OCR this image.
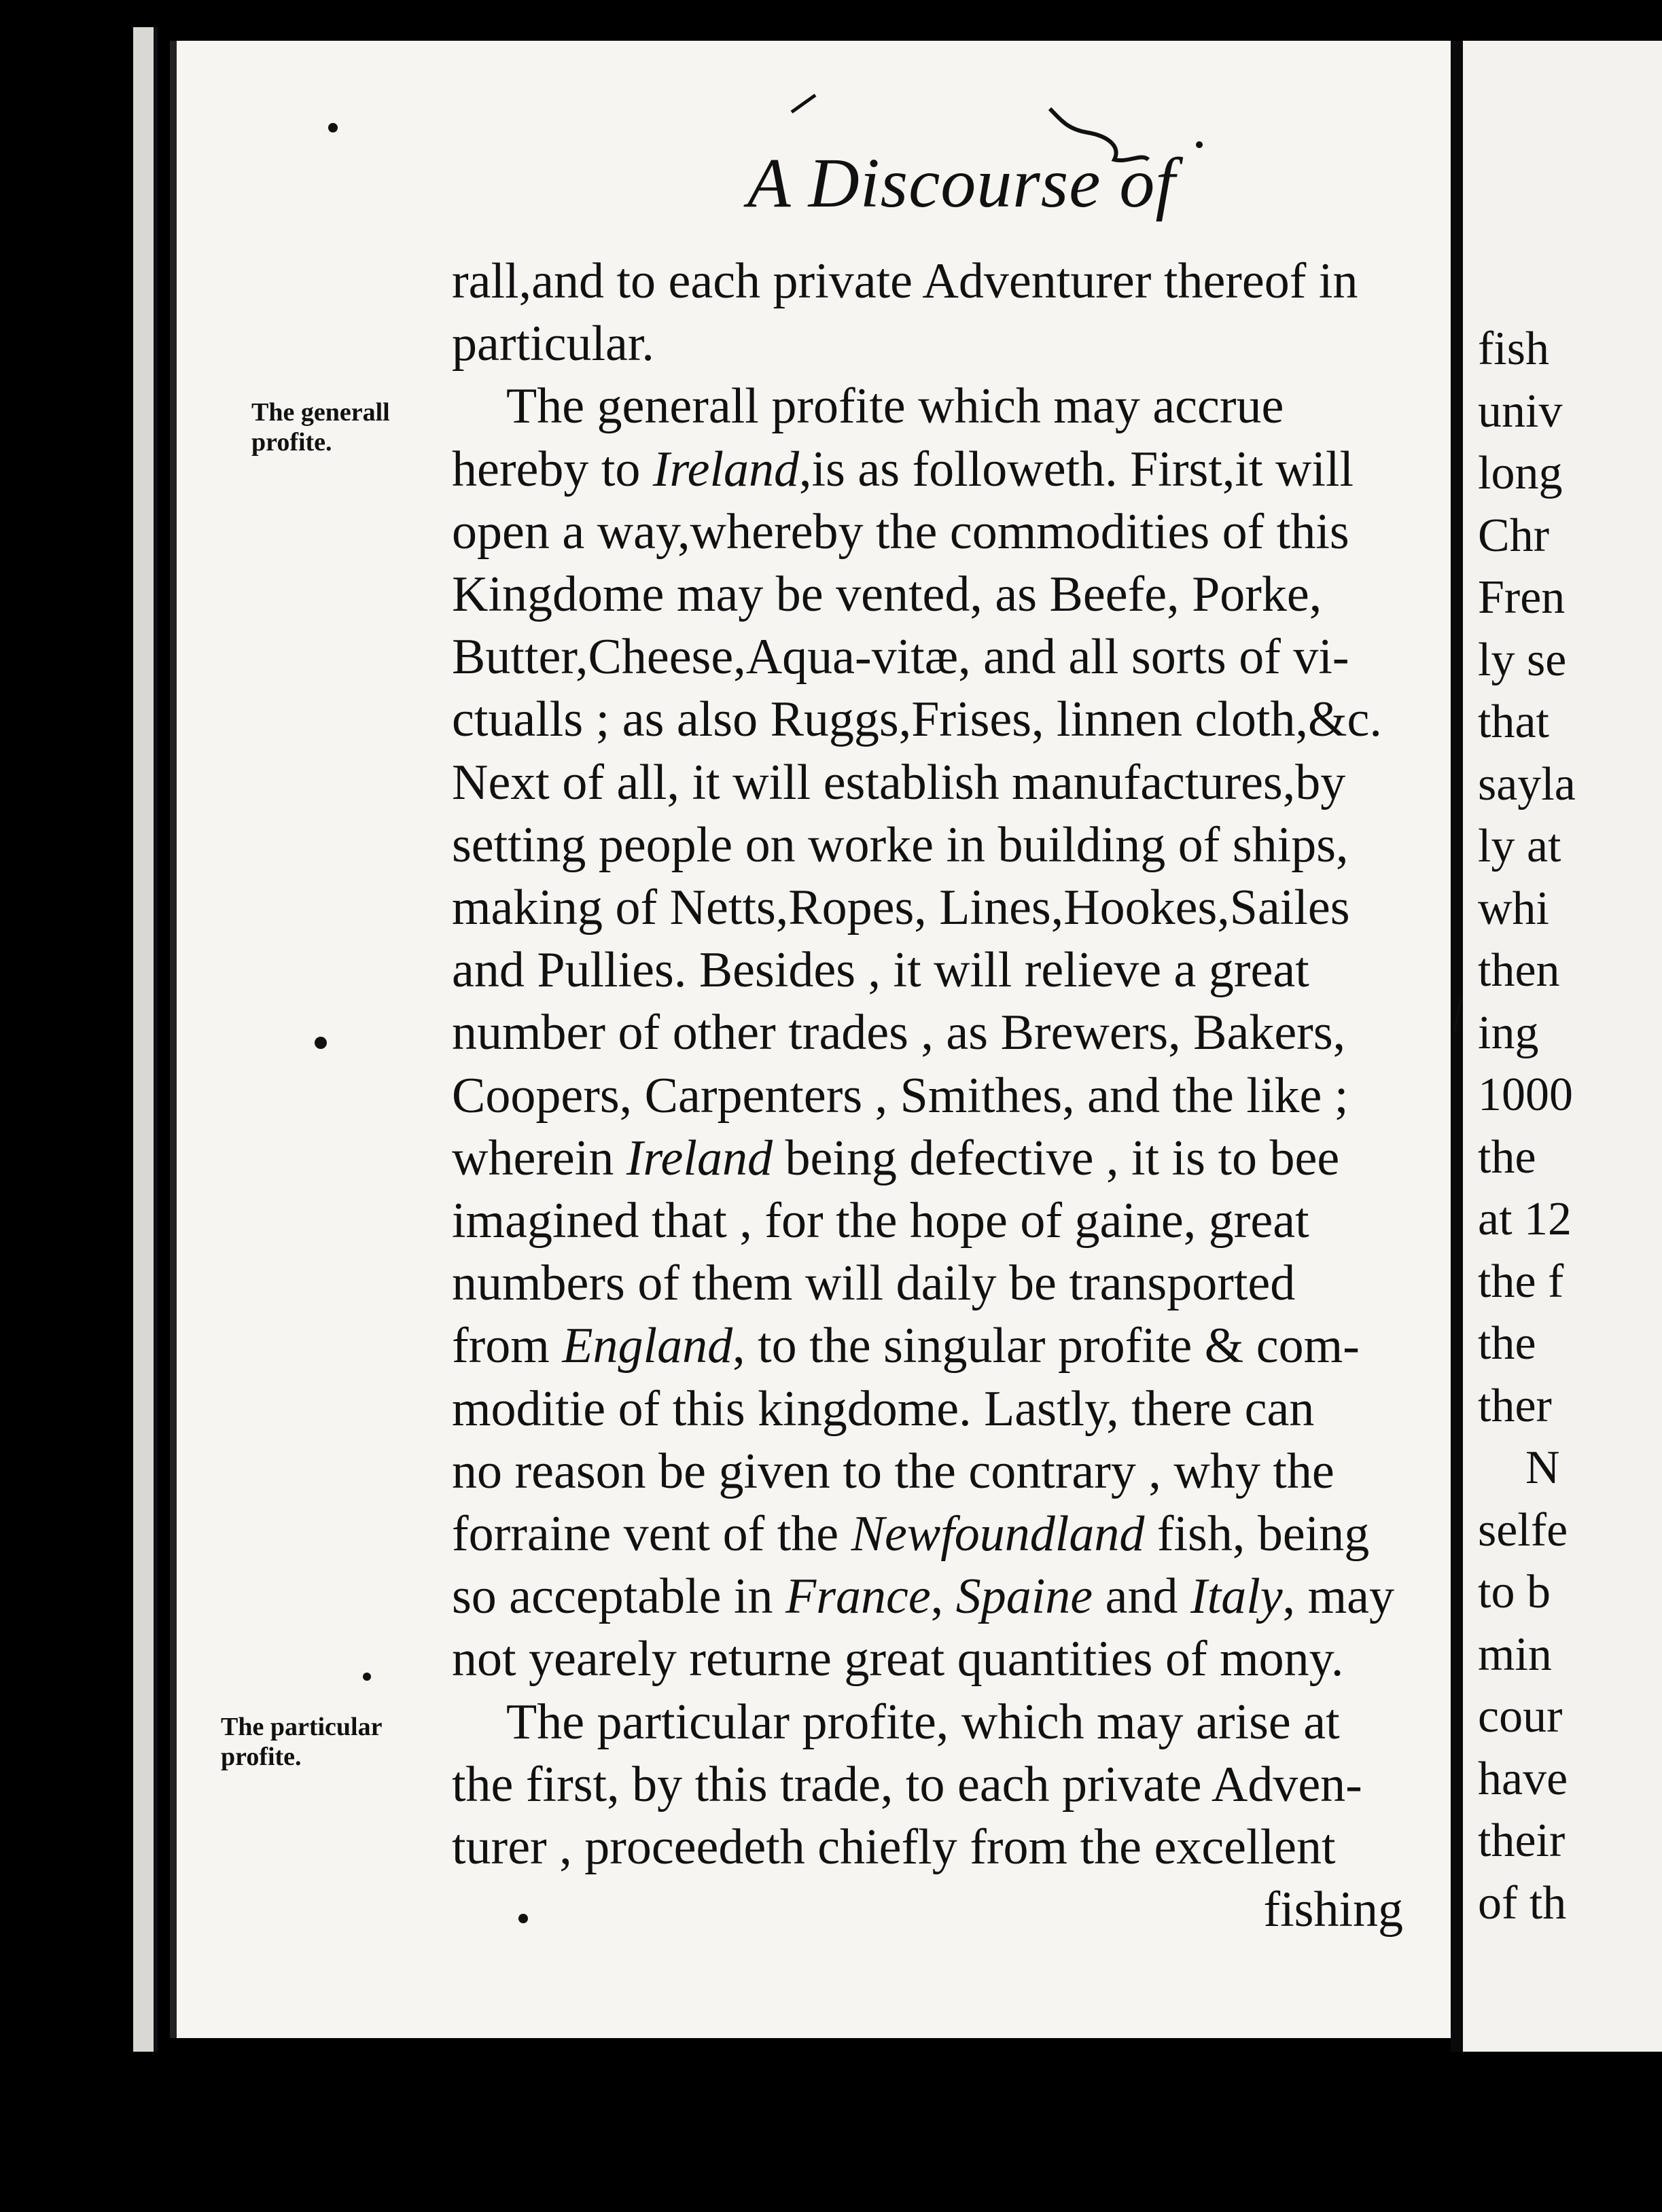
A Discourse of
The generall
profite.
The particular
profite.
rall,and to each private Adventurer thereof in
particular.
The generall profite which may accrue
hereby to Ireland,is as followeth. First,it will
open a way,whereby the commodities of this
Kingdome may be vented, as Beefe, Porke,
Butter,Cheese,Aqua-vitæ, and all sorts of vi-
ctualls ; as also Ruggs,Frises, linnen cloth,&c.
Next of all, it will establish manufactures,by
setting people on worke in building of ships,
making of Netts,Ropes, Lines,Hookes,Sailes
and Pullies. Besides , it will relieve a great
number of other trades , as Brewers, Bakers,
Coopers, Carpenters , Smithes, and the like ;
wherein Ireland being defective , it is to bee
imagined that , for the hope of gaine, great
numbers of them will daily be transported
from England, to the singular profite & com-
moditie of this kingdome. Lastly, there can
no reason be given to the contrary , why the
forraine vent of the Newfoundland fish, being
so acceptable in France, Spaine and Italy, may
not yearely returne great quantities of mony.
The particular profite, which may arise at
the first, by this trade, to each private Adven-
turer , proceedeth chiefly from the excellent
fishing
fish
univ
long
Chr
Fren
ly se
that
sayla
ly at
whi
then
ing
1000
the
at 12
the f
the
ther
N
selfe
to b
min
cour
have
their
of th
